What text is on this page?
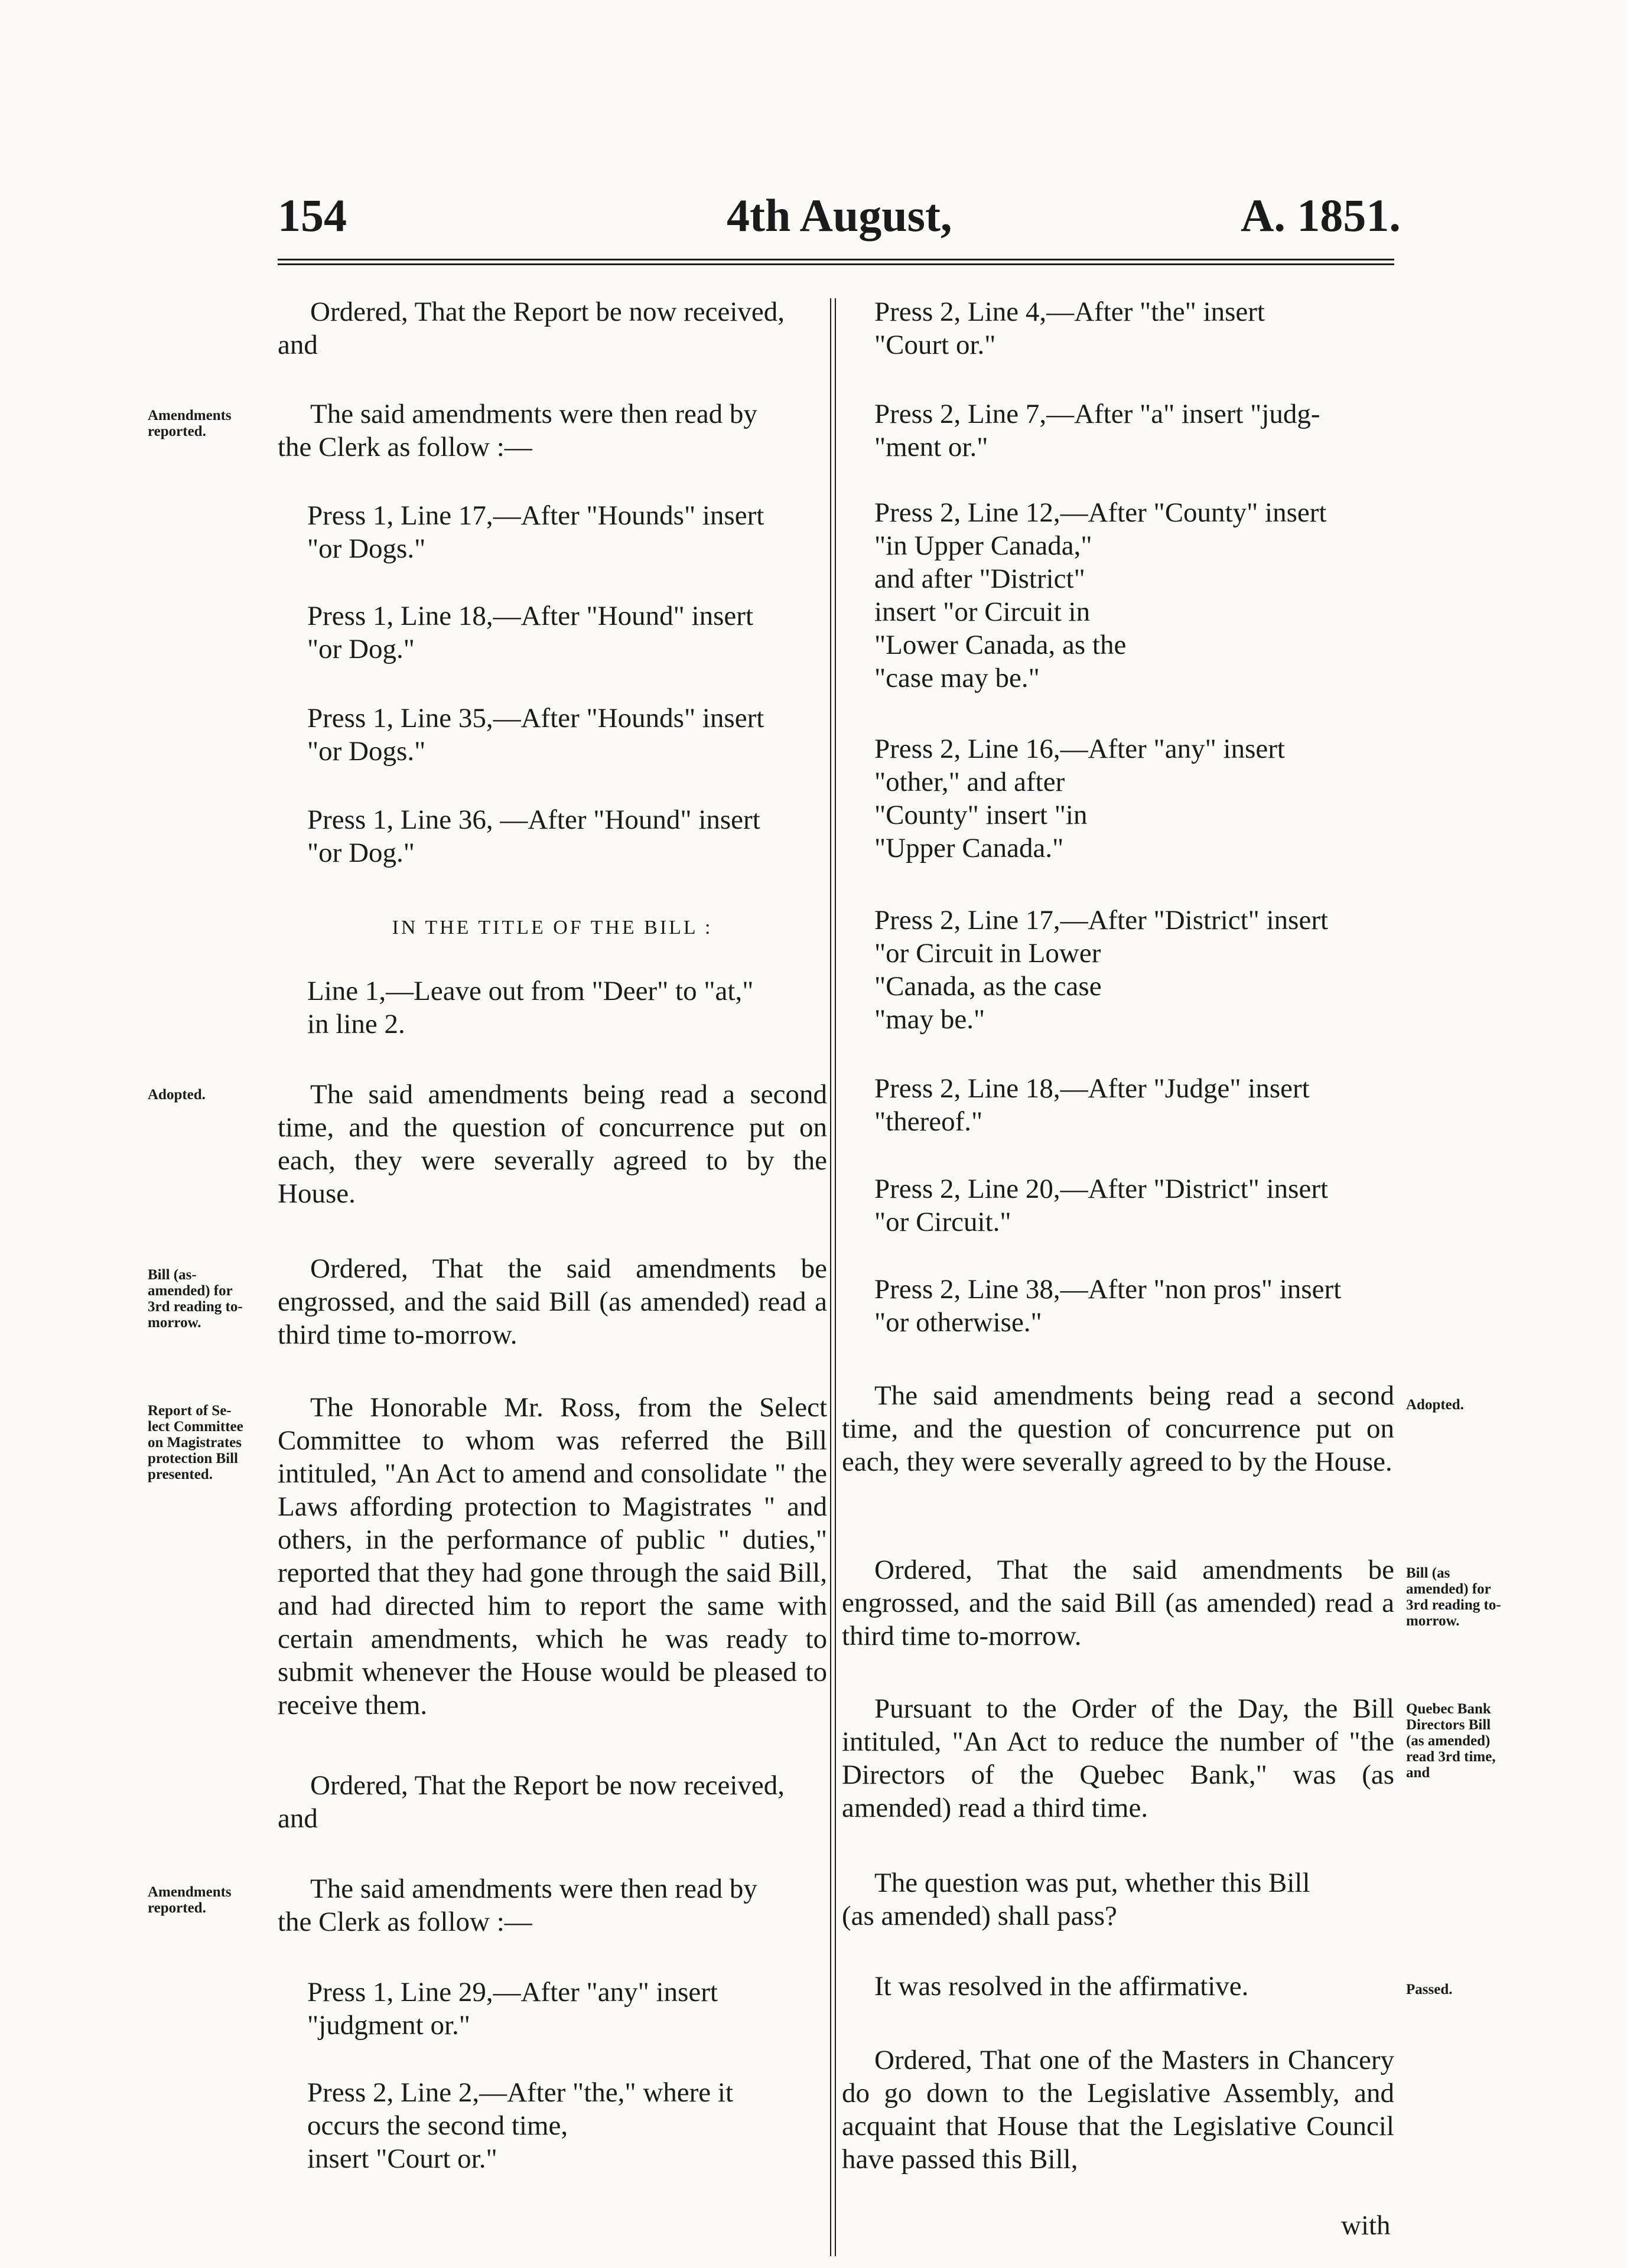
154	4th August,	A. 1851.

Ordered, That the Report be now received,
and

Amendments
reported.

The said amendments were then read by
the Clerk as follow :—

Press 1, Line 17,—After "Hounds" insert
"or Dogs."

Press 1, Line 18,—After "Hound" insert
"or Dog."

Press 1, Line 35,—After "Hounds" insert
"or Dogs."

Press 1, Line 36, —After "Hound" insert
"or Dog."

IN THE TITLE OF THE BILL :

Line 1,—Leave out from "Deer" to "at,"
in line 2.

Adopted.	The said amendments being read a second time, and the question of concurrence put on each, they were severally agreed to by the House.

Bill (as-
amended) for
3rd reading to-
morrow.

Ordered, That the said amendments be engrossed, and the said Bill (as amended) read a third time to-morrow.

Report of Se-
lect Committee
on Magistrates
protection Bill
presented.

The Honorable Mr. Ross, from the Select Committee to whom was referred the Bill intituled, "An Act to amend and consolidate " the Laws affording protection to Magistrates " and others, in the performance of public " duties," reported that they had gone through the said Bill, and had directed him to report the same with certain amendments, which he was ready to submit whenever the House would be pleased to receive them.

Ordered, That the Report be now received,
and

Amendments
reported.

The said amendments were then read by
the Clerk as follow :—

Press 1, Line 29,—After "any" insert
"judgment or."

Press 2, Line 2,—After "the," where it
occurs the second time,
insert "Court or."

Press 2, Line 4,—After "the" insert
"Court or."

Press 2, Line 7,—After "a" insert "judg-
"ment or."

Press 2, Line 12,—After "County" insert
"in Upper Canada,"
and after "District"
insert "or Circuit in
"Lower Canada, as the
"case may be."

Press 2, Line 16,—After "any" insert
"other," and after
"County" insert "in
"Upper Canada."

Press 2, Line 17,—After "District" insert
"or Circuit in Lower
"Canada, as the case
"may be."

Press 2, Line 18,—After "Judge" insert
"thereof."

Press 2, Line 20,—After "District" insert
"or Circuit."

Press 2, Line 38,—After "non pros" insert
"or otherwise."

The said amendments being read a second time, and the question of concurrence put on each, they were severally agreed to by the House.

Adopted.

Ordered, That the said amendments be engrossed, and the said Bill (as amended) read a third time to-morrow.

Bill (as
amended) for
3rd reading to-
morrow.

Pursuant to the Order of the Day, the Bill intituled, "An Act to reduce the number of "the Directors of the Quebec Bank," was (as amended) read a third time.

Quebec Bank
Directors Bill
(as amended)
read 3rd time,
and

The question was put, whether this Bill
(as amended) shall pass?

It was resolved in the affirmative.	Passed.

Ordered, That one of the Masters in Chancery do go down to the Legislative Assembly, and acquaint that House that the Legislative Council have passed this Bill,

with
